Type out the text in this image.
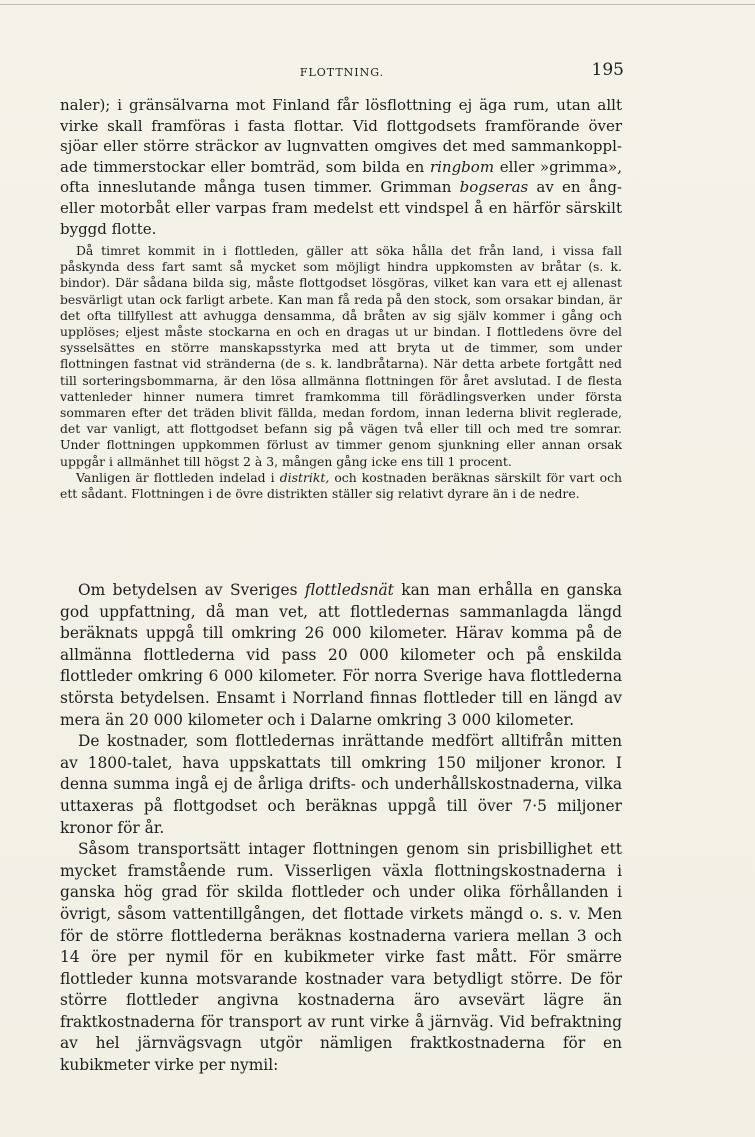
FLOTTNING.	195

naler); i gränsälvarna mot Finland får lösflottning ej äga rum, utan allt virke skall framföras i fasta flottar. Vid flottgodsets framförande över sjöar eller större sträckor av lugnvatten omgives det med sammankopplade timmerstockar eller bomträd, som bilda en ringbom eller »grimma», ofta inneslutande många tusen timmer. Grimman bogseras av en ång- eller motorbåt eller varpas fram medelst ett vindspel å en härför särskilt byggd flotte.

Då timret kommit in i flottleden, gäller att söka hålla det från land, i vissa fall påskynda dess fart samt så mycket som möjligt hindra uppkomsten av bråtar (s. k. bindor). Där sådana bilda sig, måste flottgodset lösgöras, vilket kan vara ett ej allenast besvärligt utan ock farligt arbete. Kan man få reda på den stock, som orsakar bindan, är det ofta tillfyllest att avhugga densamma, då bråten av sig själv kommer i gång och upplöses; eljest måste stockarna en och en dragas ut ur bindan. I flottledens övre del sysselsättes en större manskapsstyrka med att bryta ut de timmer, som under flottningen fastnat vid stränderna (de s. k. landbråtarna). När detta arbete fortgått ned till sorteringsbommarna, är den lösa allmänna flottningen för året avslutad. I de flesta vattenleder hinner numera timret framkomma till förädlingsverken under första sommaren efter det träden blivit fällda, medan fordom, innan lederna blivit reglerade, det var vanligt, att flottgodset befann sig på vägen två eller till och med tre somrar. Under flottningen uppkommen förlust av timmer genom sjunkning eller annan orsak uppgår i allmänhet till högst 2 à 3, mången gång icke ens till 1 procent.

Vanligen är flottleden indelad i distrikt, och kostnaden beräknas särskilt för vart och ett sådant. Flottningen i de övre distrikten ställer sig relativt dyrare än i de nedre.

Om betydelsen av Sveriges flottledsnät kan man erhålla en ganska god uppfattning, då man vet, att flottledernas sammanlagda längd beräknats uppgå till omkring 26 000 kilometer. Härav komma på de allmänna flottlederna vid pass 20 000 kilometer och på enskilda flottleder omkring 6 000 kilometer. För norra Sverige hava flottlederna största betydelsen. Ensamt i Norrland finnas flottleder till en längd av mera än 20 000 kilometer och i Dalarne omkring 3 000 kilometer.

De kostnader, som flottledernas inrättande medfört alltifrån mitten av 1800-talet, hava uppskattats till omkring 150 miljoner kronor. I denna summa ingå ej de årliga drifts- och underhållskostnaderna, vilka uttaxeras på flottgodset och beräknas uppgå till över 7·5 miljoner kronor för år.

Såsom transportsätt intager flottningen genom sin prisbillighet ett mycket framstående rum. Visserligen växla flottningskostnaderna i ganska hög grad för skilda flottleder och under olika förhållanden i övrigt, såsom vattentillgången, det flottade virkets mängd o. s. v. Men för de större flottlederna beräknas kostnaderna variera mellan 3 och 14 öre per nymil för en kubikmeter virke fast mått. För smärre flottleder kunna motsvarande kostnader vara betydligt större. De för större flottleder angivna kostnaderna äro avsevärt lägre än fraktkostnaderna för transport av runt virke å järnväg. Vid befraktning av hel järnvägsvagn utgör nämligen fraktkostnaderna för en kubikmeter virke per nymil:
